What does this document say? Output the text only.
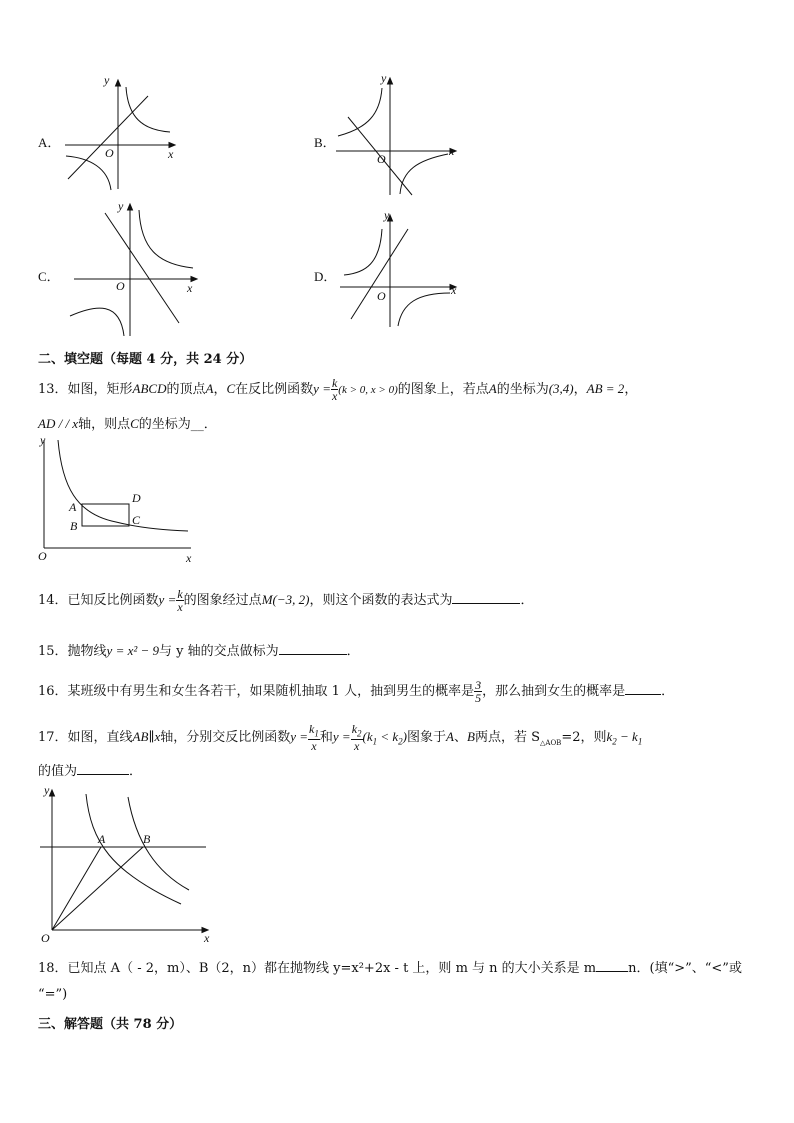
A．
y
O	x
B．
y
O
x
C．
y
O	x
D．
y
O	x
二、填空题（每题 4 分，共 24 分）
13．如图，矩形ABCD的顶点A，C在反比例函数$y = \frac{k}{x} (k > 0$, x > 0)的图象上，若点A的坐标为(3,4)，AB = 2，
AD / / x轴，则点C的坐标为__．
y
O	x
A
B
D
C
14．已知反比例函数$y = \frac{k}{x}$ 的图象经过点M(−3, 2)，则这个函数的表达式为	．
15．抛物线y = x² − 9与 y 轴的交点做标为	．
16．某班级中有男生和女生各若干，如果随机抽取 1 人，抽到男生的概率是 $\frac{3}{5}$ ，那么抽到女生的概率是	．
17．如图，直线AB∥x轴，分别交反比例函数$y = \frac{k_1}{x}$ 和$y = \frac{k_2}{x} (k_1 < k_2)$图象于A、B两点，若 $S_{\triangle AOB}=2$，则$k_2 - k_1$
的值为	．
y
O	x
A	B
18．已知点 A（ - 2，m）、B（2，n）都在抛物线 y=x²+2x - t 上，则 m 与 n 的大小关系是 m n．(填“>”、“<”或
“=”)
三、解答题（共 78 分）
